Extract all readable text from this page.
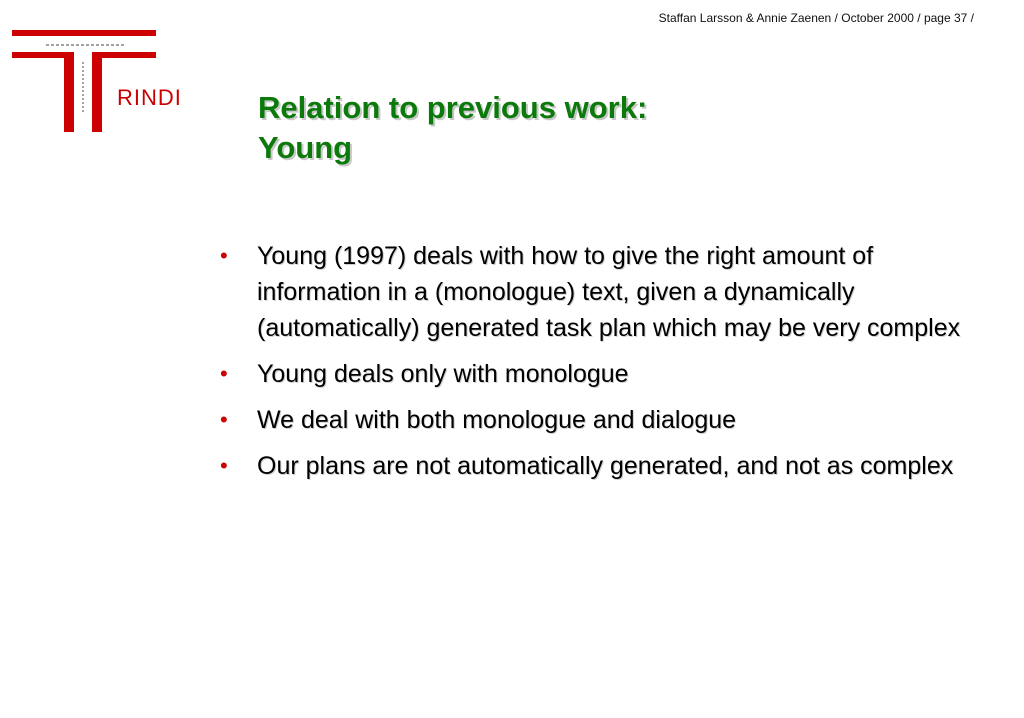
Staffan Larsson & Annie Zaenen / October 2000 / page 37 /
RINDI Relation to previous work:
Young
• Young (1997) deals with how to give the right amount of information in a (monologue) text, given a dynamically (automatically) generated task plan which may be very complex
• Young deals only with monologue
• We deal with both monologue and dialogue
• Our plans are not automatically generated, and not as complex
